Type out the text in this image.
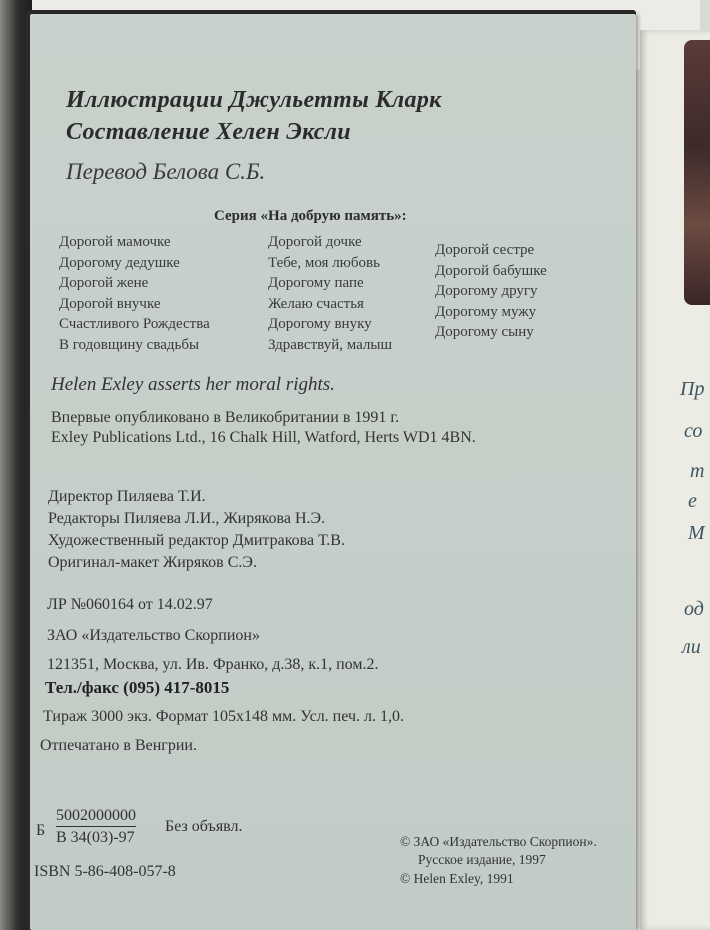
Пр
со
т
е
М
од
ли

Иллюстрации Джульетты Кларк

Составление Хелен Эксли

Перевод Белова С.Б.

Серия «На добрую память»:

Дорогой мамочке
Дорогому дедушке
Дорогой жене
Дорогой внучке
Счастливого Рождества
В годовщину свадьбы
Дорогой дочке
Тебе, моя любовь
Дорогому папе
Желаю счастья
Дорогому внуку
Здравствуй, малыш
Дорогой сестре
Дорогой бабушке
Дорогому другу
Дорогому мужу
Дорогому сыну

Helen Exley asserts her moral rights.

Впервые опубликовано в Великобритании в 1991 г.

Exley Publications Ltd., 16 Chalk Hill, Watford, Herts WD1 4BN.

Директор Пиляева Т.И.

Редакторы Пиляева Л.И., Жирякова Н.Э.

Художественный редактор Дмитракова Т.В.

Оригинал-макет Жиряков С.Э.

ЛР №060164 от 14.02.97

ЗАО «Издательство Скорпион»

121351, Москва, ул. Ив. Франко, д.38, к.1, пом.2.

Тел./факс (095) 417-8015

Тираж 3000 экз. Формат 105х148 мм. Усл. печ. л. 1,0.

Отпечатано в Венгрии.

Б

5002000000

В 34(03)-97

Без объявл.

ISBN 5-86-408-057-8

© ЗАО «Издательство Скорпион».

Русское издание, 1997

© Helen Exley, 1991
